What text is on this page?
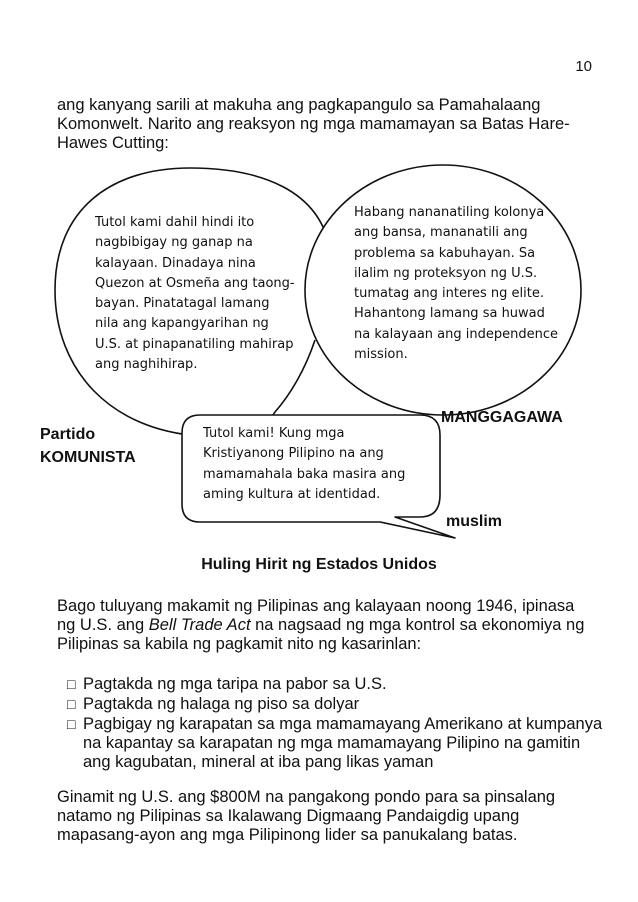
10

ang kanyang sarili at makuha ang pagkapangulo sa Pamahalaang Komonwelt. Narito ang reaksyon ng mga mamamayan sa Batas Hare-Hawes Cutting:

Tutol kami dahil hindi ito nagbibigay ng ganap na kalayaan. Dinadaya nina Quezon at Osmeña ang taong-bayan. Pinatatagal lamang nila ang kapangyarihan ng U.S. at pinapanatiling mahirap ang naghihirap.

Habang nananatiling kolonya ang bansa, mananatili ang problema sa kabuhayan. Sa ilalim ng proteksyon ng U.S. tumatag ang interes ng elite. Hahantong lamang sa huwad na kalayaan ang independence mission.

Tutol kami! Kung mga Kristiyanong Pilipino na ang mamamahala baka masira ang aming kultura at identidad.

Partido
KOMUNISTA
MANGGAGAWA
muslim
Huling Hirit ng Estados Unidos

Bago tuluyang makamit ng Pilipinas ang kalayaan noong 1946, ipinasa ng U.S. ang Bell Trade Act na nagsaad ng mga kontrol sa ekonomiya ng Pilipinas sa kabila ng pagkamit nito ng kasarinlan:

□ Pagtakda ng mga taripa na pabor sa U.S.
□ Pagtakda ng halaga ng piso sa dolyar
□ Pagbigay ng karapatan sa mga mamamayang Amerikano at kumpanya na kapantay sa karapatan ng mga mamamayang Pilipino na gamitin ang kagubatan, mineral at iba pang likas yaman

Ginamit ng U.S. ang $800M na pangakong pondo para sa pinsalang natamo ng Pilipinas sa Ikalawang Digmaang Pandaigdig upang mapasang-ayon ang mga Pilipinong lider sa panukalang batas.
